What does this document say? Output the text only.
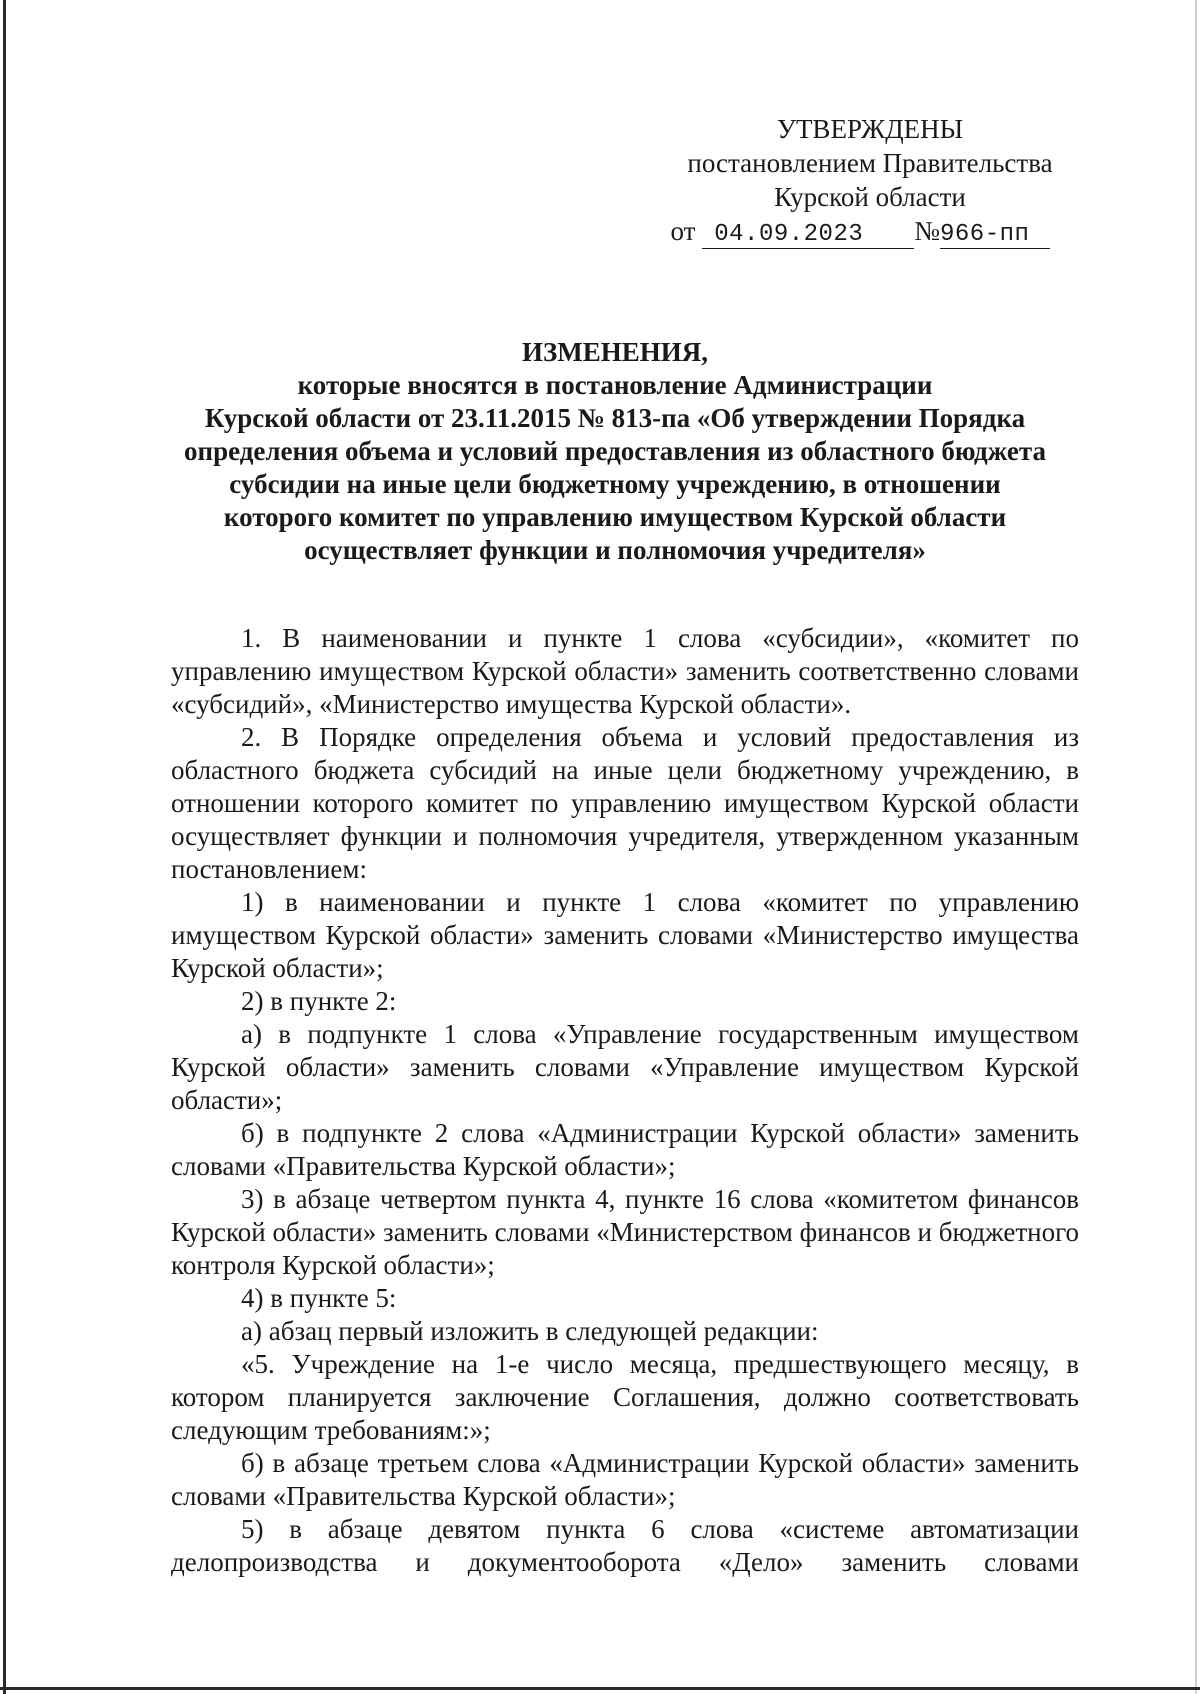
УТВЕРЖДЕНЫ
постановлением Правительства
Курской области
от 04.09.2023 №966-пп
ИЗМЕНЕНИЯ,
которые вносятся в постановление Администрации
Курской области от 23.11.2015 № 813-па «Об утверждении Порядка
определения объема и условий предоставления из областного бюджета
субсидии на иные цели бюджетному учреждению, в отношении
которого комитет по управлению имуществом Курской области
осуществляет функции и полномочия учредителя»

1. В наименовании и пункте 1 слова «субсидии», «комитет по управлению имуществом Курской области» заменить соответственно словами «субсидий», «Министерство имущества Курской области».

2. В Порядке определения объема и условий предоставления из областного бюджета субсидий на иные цели бюджетному учреждению, в отношении которого комитет по управлению имуществом Курской области осуществляет функции и полномочия учредителя, утвержденном указанным постановлением:

1) в наименовании и пункте 1 слова «комитет по управлению имуществом Курской области» заменить словами «Министерство имущества Курской области»;

2) в пункте 2:

а) в подпункте 1 слова «Управление государственным имуществом Курской области» заменить словами «Управление имуществом Курской области»;

б) в подпункте 2 слова «Администрации Курской области» заменить словами «Правительства Курской области»;

3) в абзаце четвертом пункта 4, пункте 16 слова «комитетом финансов Курской области» заменить словами «Министерством финансов и бюджетного контроля Курской области»;

4) в пункте 5:

а) абзац первый изложить в следующей редакции:

«5. Учреждение на 1-е число месяца, предшествующего месяцу, в котором планируется заключение Соглашения, должно соответствовать следующим требованиям:»;

б) в абзаце третьем слова «Администрации Курской области» заменить словами «Правительства Курской области»;

5) в абзаце девятом пункта 6 слова «системе автоматизации делопроизводства и документооборота «Дело» заменить словами
